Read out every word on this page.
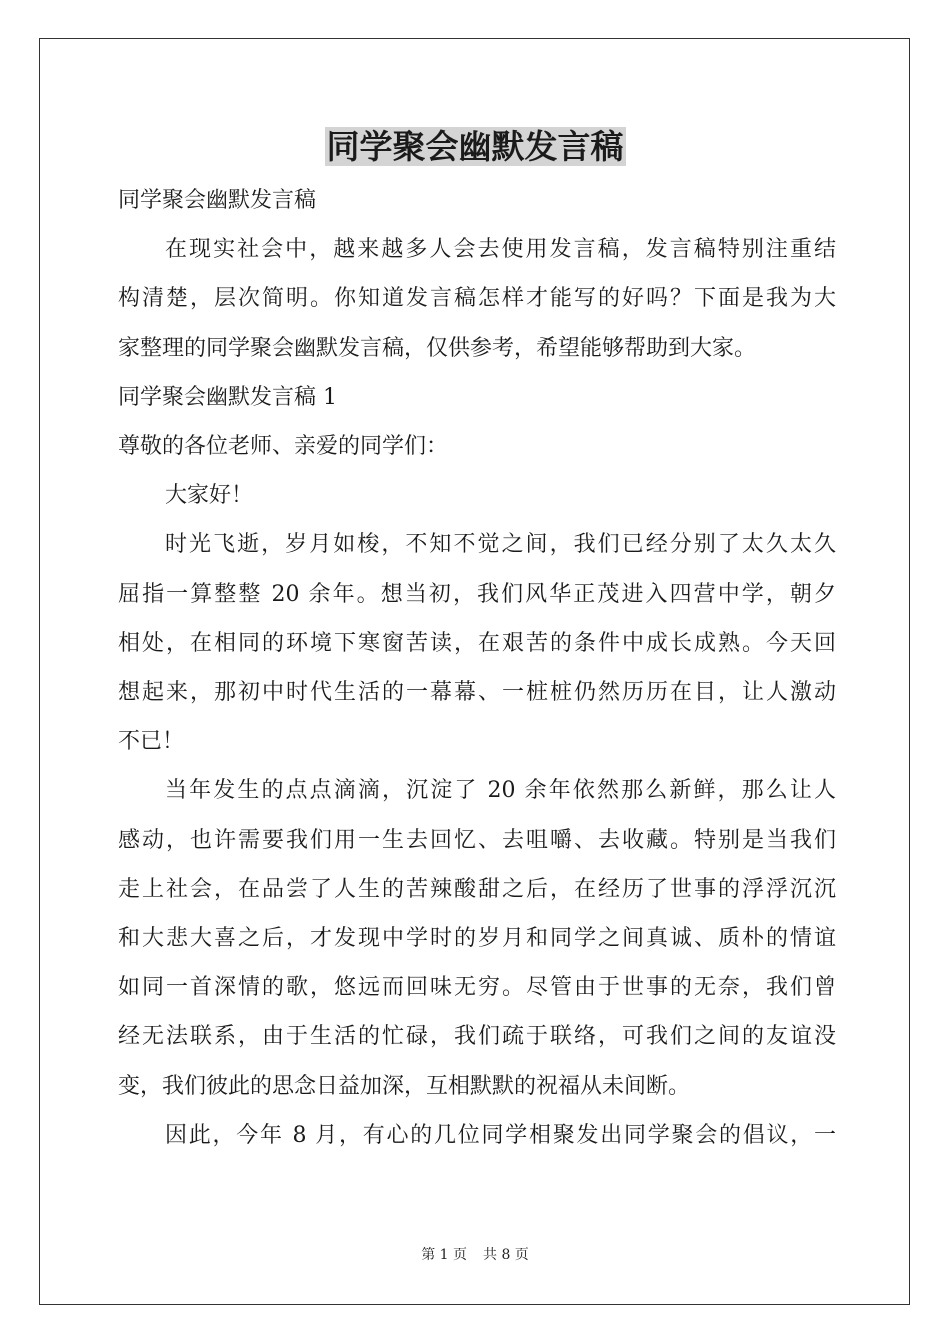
同学聚会幽默发言稿

同学聚会幽默发言稿

在现实社会中，越来越多人会去使用发言稿，发言稿特别注重结

构清楚，层次简明。你知道发言稿怎样才能写的好吗？下面是我为大

家整理的同学聚会幽默发言稿，仅供参考，希望能够帮助到大家。

同学聚会幽默发言稿 1

尊敬的各位老师、亲爱的同学们：

大家好！

时光飞逝，岁月如梭，不知不觉之间，我们已经分别了太久太久

屈指一算整整 20 余年。想当初，我们风华正茂进入四营中学，朝夕

相处，在相同的环境下寒窗苦读，在艰苦的条件中成长成熟。今天回

想起来，那初中时代生活的一幕幕、一桩桩仍然历历在目，让人激动

不已！

当年发生的点点滴滴，沉淀了 20 余年依然那么新鲜，那么让人

感动，也许需要我们用一生去回忆、去咀嚼、去收藏。特别是当我们

走上社会，在品尝了人生的苦辣酸甜之后，在经历了世事的浮浮沉沉

和大悲大喜之后，才发现中学时的岁月和同学之间真诚、质朴的情谊

如同一首深情的歌，悠远而回味无穷。尽管由于世事的无奈，我们曾

经无法联系，由于生活的忙碌，我们疏于联络，可我们之间的友谊没

变，我们彼此的思念日益加深，互相默默的祝福从未间断。

因此，今年 8 月，有心的几位同学相聚发出同学聚会的倡议，一

第 1 页 共 8 页
